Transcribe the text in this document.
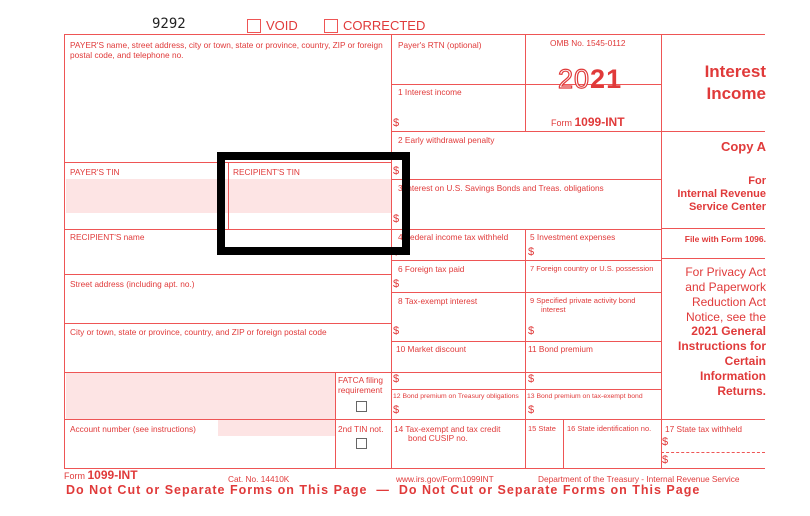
9292	VOID	CORRECTED
PAYER'S name, street address, city or town, state or province, country, ZIP or foreign postal code, and telephone no.
PAYER'S TIN	RECIPIENT'S TIN
RECIPIENT'S name
Street address (including apt. no.)
City or town, state or province, country, and ZIP or foreign postal code
Account number (see instructions)
FATCA filing
requirement
2nd TIN not.
Payer's RTN (optional)	OMB No. 1545-0112
2021
Form 1099-INT
1 Interest income
$
2 Early withdrawal penalty
$
3 Interest on U.S. Savings Bonds and Treas. obligations
$
4 Federal income tax withheld
$
5 Investment expenses
$
6 Foreign tax paid
$
7 Foreign country or U.S. possession
8 Tax-exempt interest
$
9 Specified private activity bond
interest
$
10 Market discount
$
11 Bond premium
$
12 Bond premium on Treasury obligations
$
13 Bond premium on tax-exempt bond
$
14 Tax-exempt and tax credit
bond CUSIP no.
15 State 16 State identification no. 17 State tax withheld
$
$
Interest
Income
Copy A
For
Internal Revenue
Service Center
File with Form 1096.
For Privacy Act
and Paperwork
Reduction Act
Notice, see the
2021 General
Instructions for
Certain
Information
Returns.
Form 1099-INT	Cat. No. 14410K	www.irs.gov/Form1099INT	Department of the Treasury - Internal Revenue Service
Do Not Cut or Separate Forms on This Page  —  Do Not Cut or Separate Forms on This Page
